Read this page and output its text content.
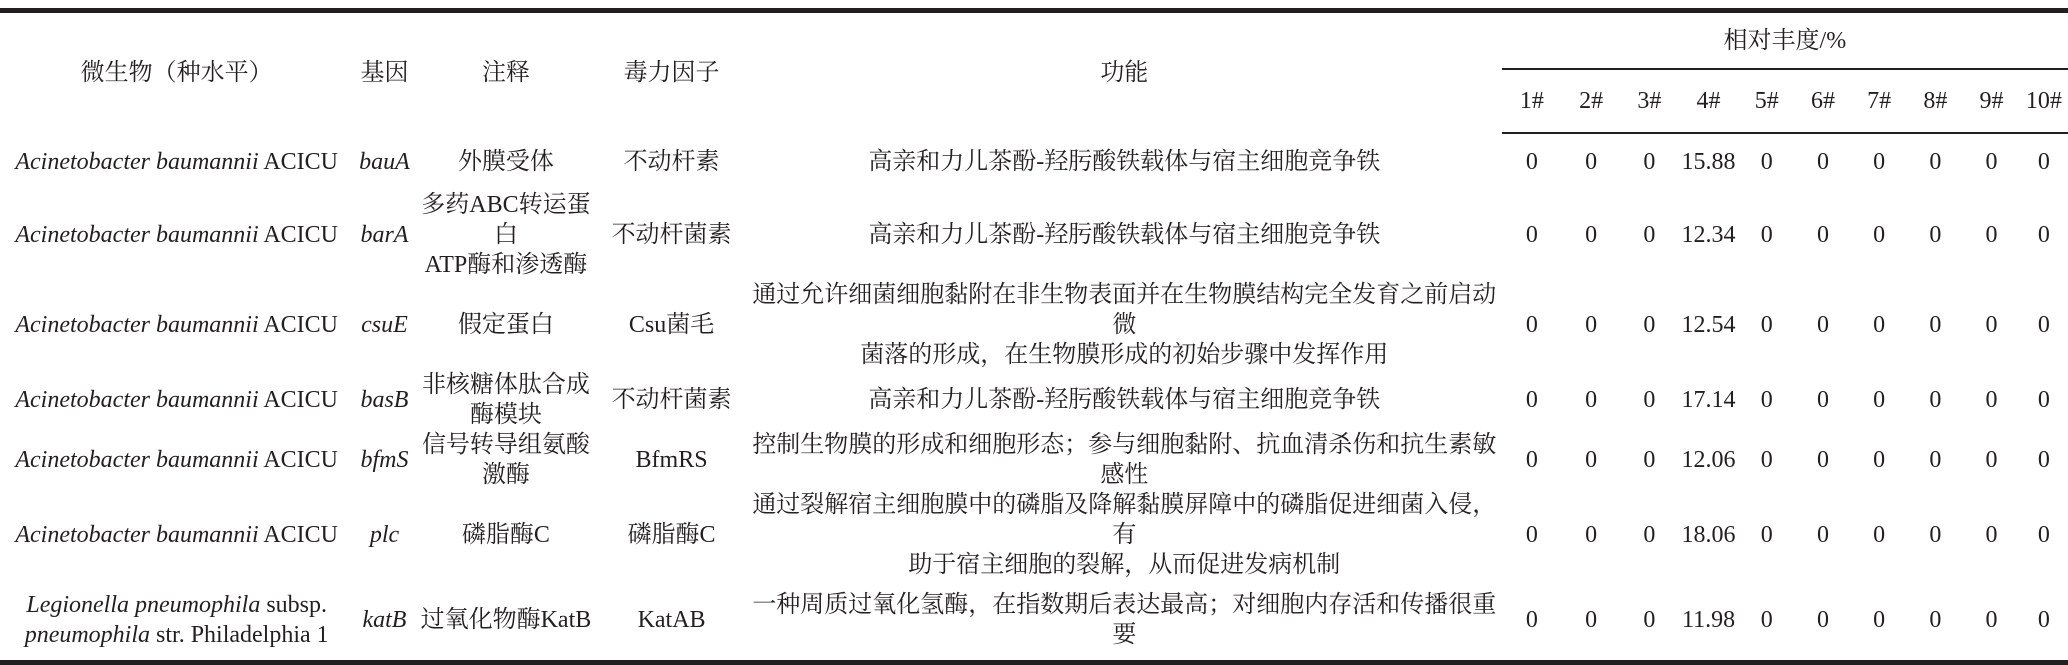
微生物（种水平）	基因	注释	毒力因子	功能	相对丰度/%									
					1#	2#	3#	4#	5#	6#	7#	8#	9#	10#
Acinetobacter baumannii ACICU	bauA	外膜受体	不动杆素	高亲和力儿茶酚-羟肟酸铁载体与宿主细胞竞争铁	0	0	0	15.88	0	0	0	0	0	0
Acinetobacter baumannii ACICU	barA	多药ABC转运蛋白
ATP酶和渗透酶	不动杆菌素	高亲和力儿茶酚-羟肟酸铁载体与宿主细胞竞争铁	0	0	0	12.34	0	0	0	0	0	0
Acinetobacter baumannii ACICU	csuE	假定蛋白	Csu菌毛	通过允许细菌细胞黏附在非生物表面并在生物膜结构完全发育之前启动微
菌落的形成，在生物膜形成的初始步骤中发挥作用	0	0	0	12.54	0	0	0	0	0	0
Acinetobacter baumannii ACICU	basB	非核糖体肽合成酶模块	不动杆菌素	高亲和力儿茶酚-羟肟酸铁载体与宿主细胞竞争铁	0	0	0	17.14	0	0	0	0	0	0
Acinetobacter baumannii ACICU	bfmS	信号转导组氨酸激酶	BfmRS	控制生物膜的形成和细胞形态；参与细胞黏附、抗血清杀伤和抗生素敏感性	0	0	0	12.06	0	0	0	0	0	0
Acinetobacter baumannii ACICU	plc	磷脂酶C	磷脂酶C	通过裂解宿主细胞膜中的磷脂及降解黏膜屏障中的磷脂促进细菌入侵，有
助于宿主细胞的裂解，从而促进发病机制	0	0	0	18.06	0	0	0	0	0	0
Legionella pneumophila subsp.
pneumophila str. Philadelphia 1	katB	过氧化物酶KatB	KatAB	一种周质过氧化氢酶，在指数期后表达最高；对细胞内存活和传播很重要	0	0	0	11.98	0	0	0	0	0	0
